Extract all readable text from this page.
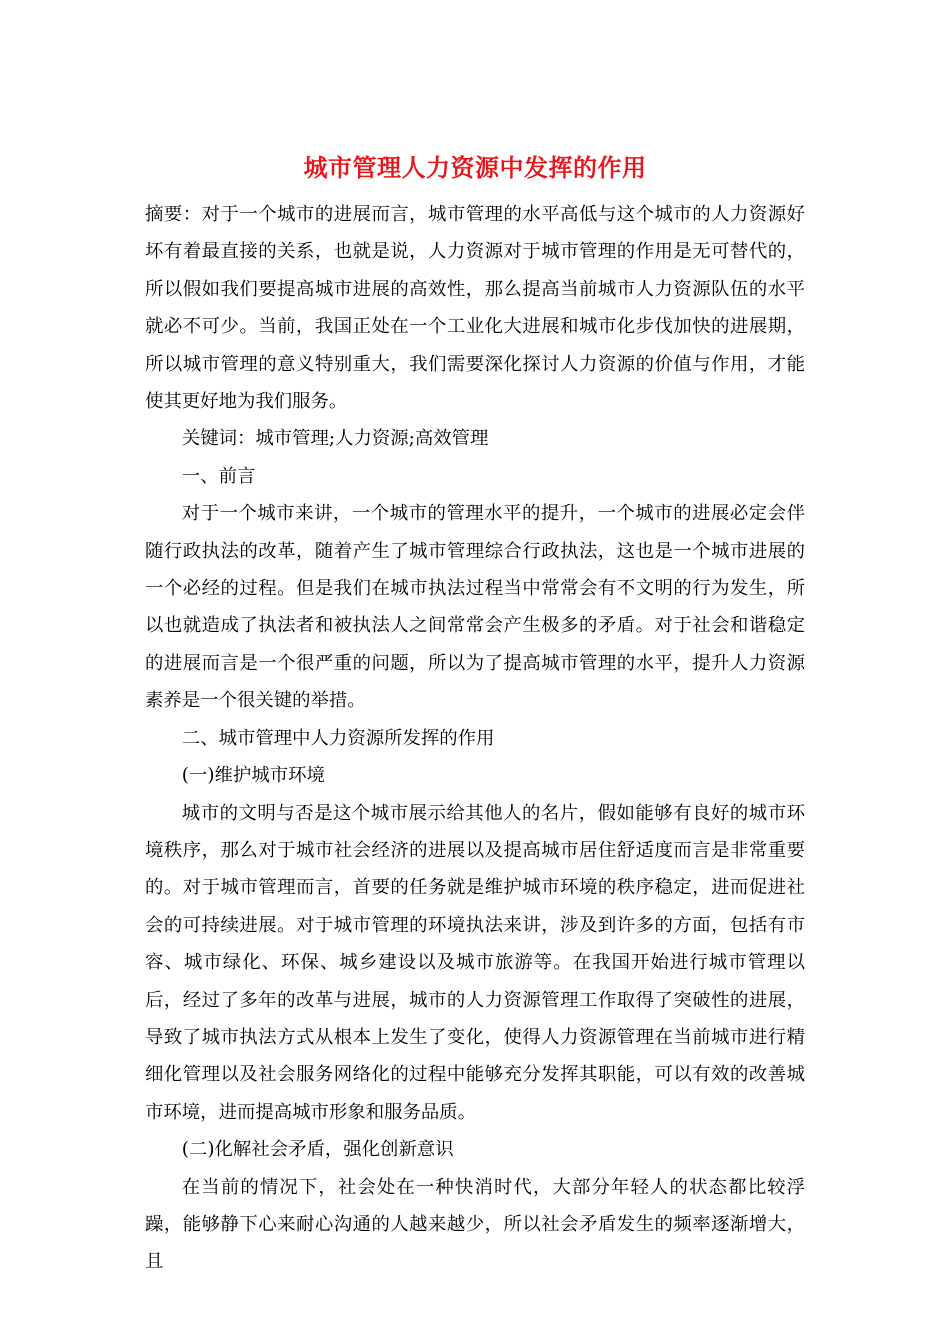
城市管理人力资源中发挥的作用

摘要：对于一个城市的进展而言，城市管理的水平高低与这个城市的人力资源好坏有着最直接的关系，也就是说，人力资源对于城市管理的作用是无可替代的，所以假如我们要提高城市进展的高效性，那么提高当前城市人力资源队伍的水平就必不可少。当前，我国正处在一个工业化大进展和城市化步伐加快的进展期，所以城市管理的意义特别重大，我们需要深化探讨人力资源的价值与作用，才能使其更好地为我们服务。

关键词：城市管理;人力资源;高效管理

一、前言

对于一个城市来讲，一个城市的管理水平的提升，一个城市的进展必定会伴随行政执法的改革，随着产生了城市管理综合行政执法，这也是一个城市进展的一个必经的过程。但是我们在城市执法过程当中常常会有不文明的行为发生，所以也就造成了执法者和被执法人之间常常会产生极多的矛盾。对于社会和谐稳定的进展而言是一个很严重的问题，所以为了提高城市管理的水平，提升人力资源素养是一个很关键的举措。

二、城市管理中人力资源所发挥的作用

(一)维护城市环境

城市的文明与否是这个城市展示给其他人的名片，假如能够有良好的城市环境秩序，那么对于城市社会经济的进展以及提高城市居住舒适度而言是非常重要的。对于城市管理而言，首要的任务就是维护城市环境的秩序稳定，进而促进社会的可持续进展。对于城市管理的环境执法来讲，涉及到许多的方面，包括有市容、城市绿化、环保、城乡建设以及城市旅游等。在我国开始进行城市管理以后，经过了多年的改革与进展，城市的人力资源管理工作取得了突破性的进展，导致了城市执法方式从根本上发生了变化，使得人力资源管理在当前城市进行精细化管理以及社会服务网络化的过程中能够充分发挥其职能，可以有效的改善城市环境，进而提高城市形象和服务品质。

(二)化解社会矛盾，强化创新意识

在当前的情况下，社会处在一种快消时代，大部分年轻人的状态都比较浮躁，能够静下心来耐心沟通的人越来越少，所以社会矛盾发生的频率逐渐增大，且
